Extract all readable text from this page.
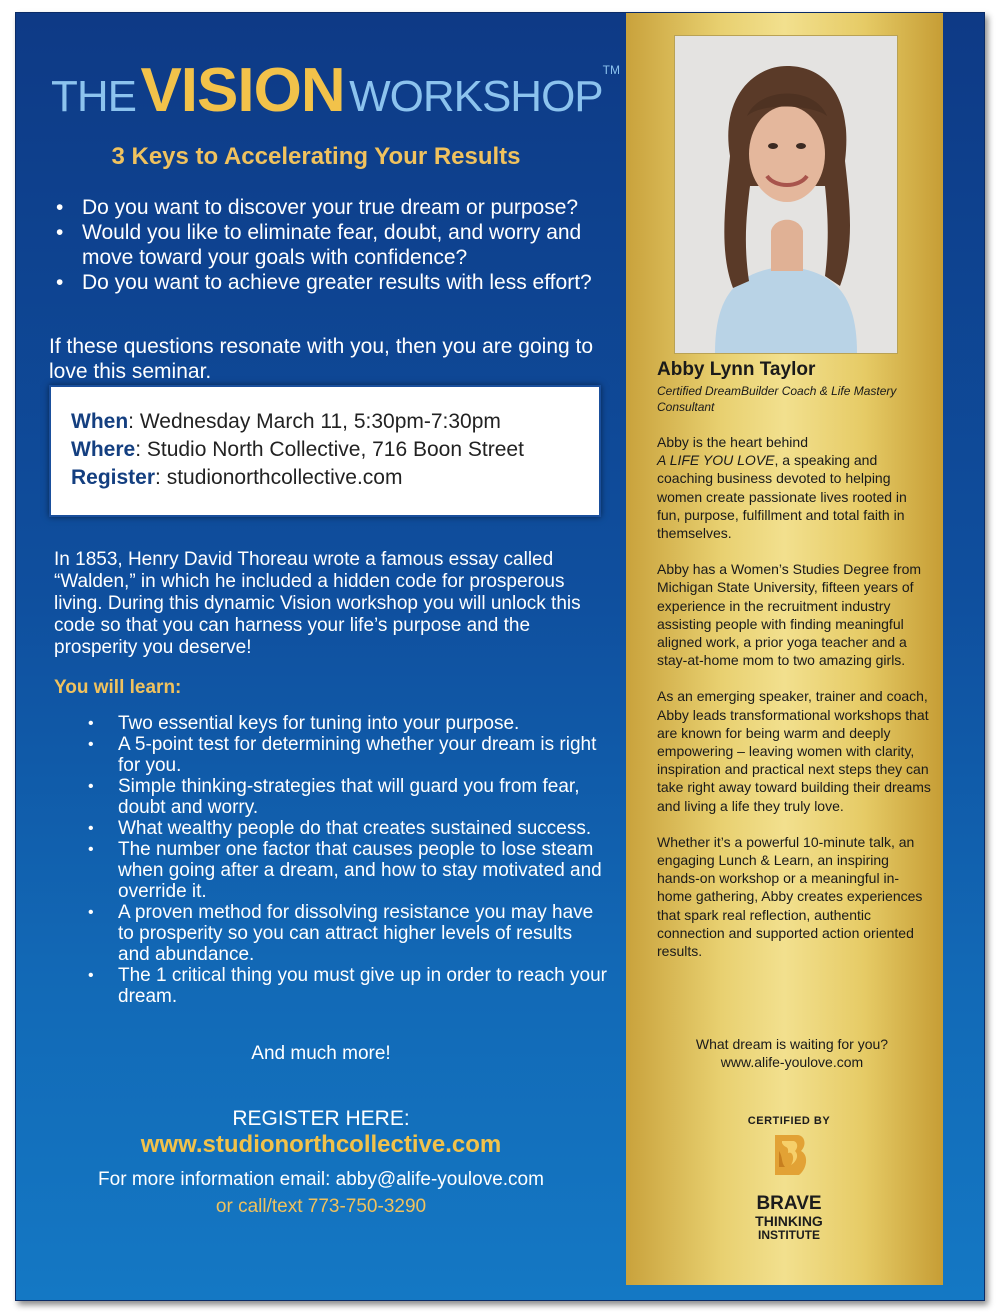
THE VISION WORKSHOP™
3 Keys to Accelerating Your Results
• Do you want to discover your true dream or purpose?
• Would you like to eliminate fear, doubt, and worry and move toward your goals with confidence?
• Do you want to achieve greater results with less effort?
If these questions resonate with you, then you are going to love this seminar.
When: Wednesday March 11, 5:30pm-7:30pm
Where: Studio North Collective, 716 Boon Street
Register: studionorthcollective.com
In 1853, Henry David Thoreau wrote a famous essay called “Walden,” in which he included a hidden code for prosperous living. During this dynamic Vision workshop you will unlock this code so that you can harness your life’s purpose and the prosperity you deserve!
You will learn:
• Two essential keys for tuning into your purpose.
• A 5-point test for determining whether your dream is right for you.
• Simple thinking-strategies that will guard you from fear, doubt and worry.
• What wealthy people do that creates sustained success.
• The number one factor that causes people to lose steam when going after a dream, and how to stay motivated and override it.
• A proven method for dissolving resistance you may have to prosperity so you can attract higher levels of results and abundance.
• The 1 critical thing you must give up in order to reach your dream.
And much more!
REGISTER HERE:
www.studionorthcollective.com
For more information email: abby@alife-youlove.com
or call/text 773-750-3290
Abby Lynn Taylor
Certified DreamBuilder Coach & Life Mastery Consultant

Abby is the heart behind
A LIFE YOU LOVE, a speaking and coaching business devoted to helping women create passionate lives rooted in fun, purpose, fulfillment and total faith in themselves.

Abby has a Women’s Studies Degree from Michigan State University, fifteen years of experience in the recruitment industry assisting people with finding meaningful aligned work, a prior yoga teacher and a stay-at-home mom to two amazing girls.

As an emerging speaker, trainer and coach, Abby leads transformational workshops that are known for being warm and deeply empowering – leaving women with clarity, inspiration and practical next steps they can take right away toward building their dreams and living a life they truly love.

Whether it’s a powerful 10-minute talk, an engaging Lunch & Learn, an inspiring hands-on workshop or a meaningful in-home gathering, Abby creates experiences that spark real reflection, authentic connection and supported action oriented results.

What dream is waiting for you?
www.alife-youlove.com
CERTIFIED BY
BRAVE
THINKING
INSTITUTE
